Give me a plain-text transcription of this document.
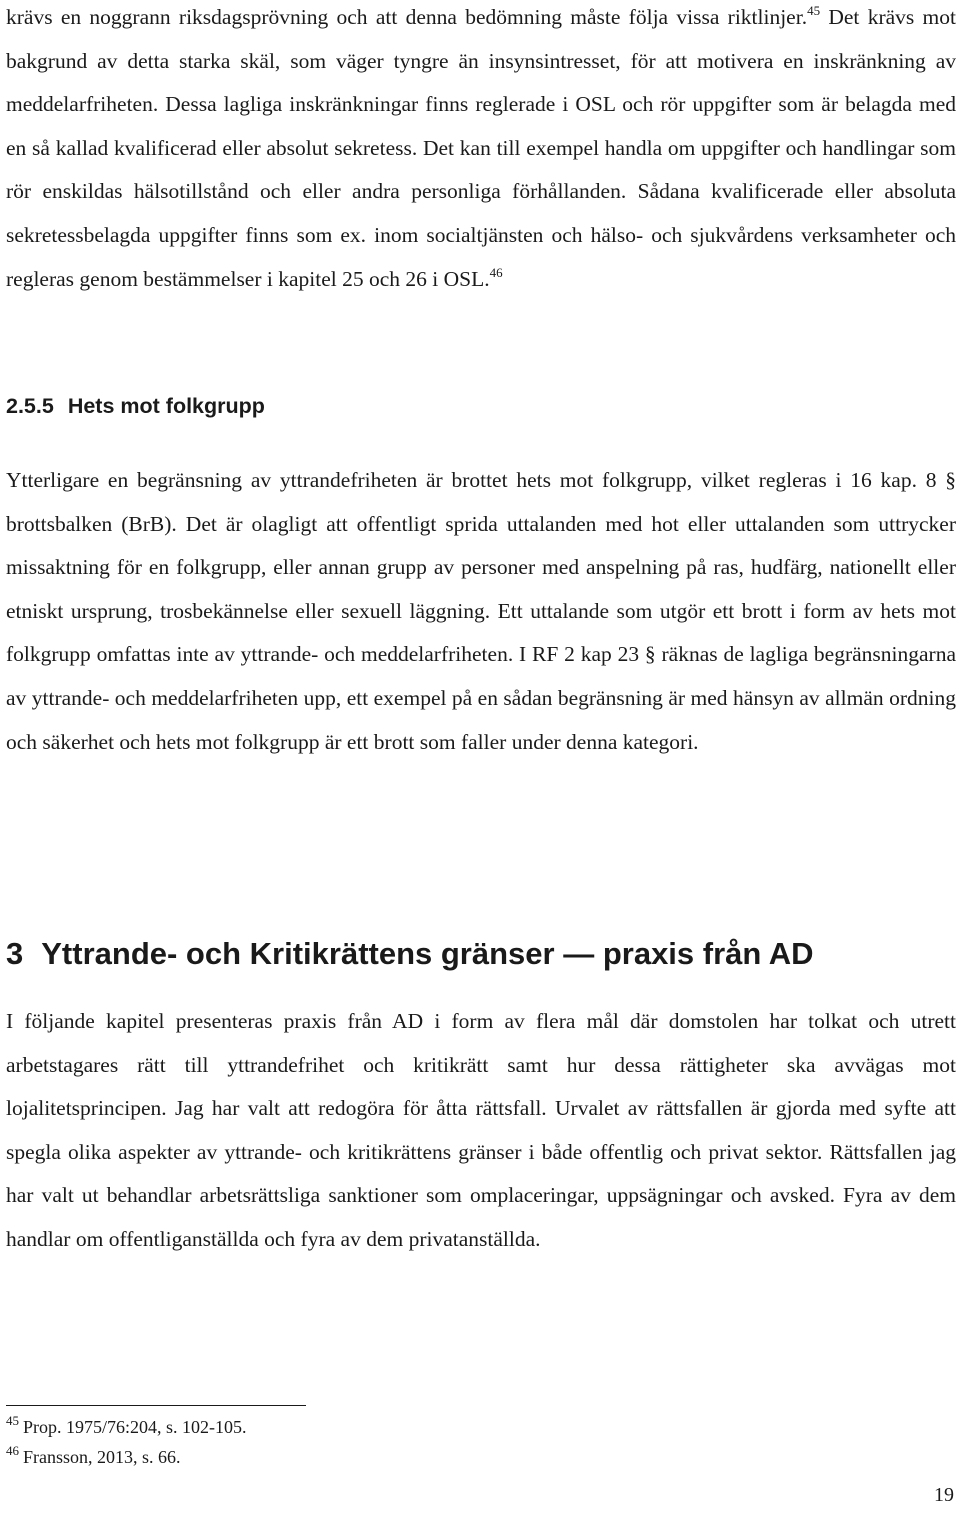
krävs en noggrann riksdagsprövning och att denna bedömning måste följa vissa riktlinjer.$^{45}$ Det krävs mot bakgrund av detta starka skäl, som väger tyngre än insynsintresset, för att motivera en inskränkning av meddelarfriheten. Dessa lagliga inskränkningar finns reglerade i OSL och rör uppgifter som är belagda med en så kallad kvalificerad eller absolut sekretess. Det kan till exempel handla om uppgifter och handlingar som rör enskildas hälsotillstånd och eller andra personliga förhållanden. Sådana kvalificerade eller absoluta sekretessbelagda uppgifter finns som ex. inom socialtjänsten och hälso- och sjukvårdens verksamheter och regleras genom bestämmelser i kapitel 25 och 26 i OSL.$^{46}$

2.5.5 Hets mot folkgrupp

Ytterligare en begränsning av yttrandefriheten är brottet hets mot folkgrupp, vilket regleras i 16 kap. 8 § brottsbalken (BrB). Det är olagligt att offentligt sprida uttalanden med hot eller uttalanden som uttrycker missaktning för en folkgrupp, eller annan grupp av personer med anspelning på ras, hudfärg, nationellt eller etniskt ursprung, trosbekännelse eller sexuell läggning. Ett uttalande som utgör ett brott i form av hets mot folkgrupp omfattas inte av yttrande- och meddelarfriheten. I RF 2 kap 23 § räknas de lagliga begränsningarna av yttrande- och meddelarfriheten upp, ett exempel på en sådan begränsning är med hänsyn av allmän ordning och säkerhet och hets mot folkgrupp är ett brott som faller under denna kategori.

3 Yttrande- och Kritikrättens gränser — praxis från AD

I följande kapitel presenteras praxis från AD i form av flera mål där domstolen har tolkat och utrett arbetstagares rätt till yttrandefrihet och kritikrätt samt hur dessa rättigheter ska avvägas mot lojalitetsprincipen. Jag har valt att redogöra för åtta rättsfall. Urvalet av rättsfallen är gjorda med syfte att spegla olika aspekter av yttrande- och kritikrättens gränser i både offentlig och privat sektor. Rättsfallen jag har valt ut behandlar arbetsrättsliga sanktioner som omplaceringar, uppsägningar och avsked. Fyra av dem handlar om offentliganställda och fyra av dem privatanställda.

$^{45}$ Prop. 1975/76:204, s. 102-105.

$^{46}$ Fransson, 2013, s. 66.

19
